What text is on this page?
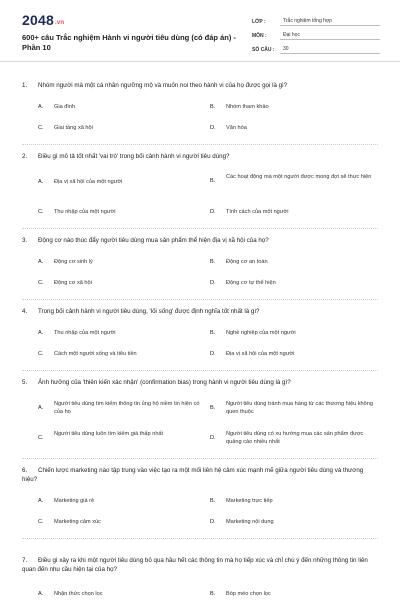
2048.vn
600+ câu Trắc nghiệm Hành vi người tiêu dùng (có đáp án) - Phần 10
LỚP :	Trắc nghiệm tổng hợp
MÔN :	Đại học
SỐ CÂU :	30
1. Nhóm người mà một cá nhân ngưỡng mộ và muốn noi theo hành vi của họ được gọi là gì?
A.	Gia đình	B.	Nhóm tham khảo
C.	Giai tầng xã hội	D.	Văn hóa
2. Điều gì mô tả tốt nhất 'vai trò' trong bối cảnh hành vi người tiêu dùng?
A.	Địa vị xã hội của một người	B.
Các hoạt động mà một người được mong đợi sẽ thực hiện
C.	Thu nhập của một người	D.	Tính cách của một người
3. Động cơ nào thúc đẩy người tiêu dùng mua sản phẩm thể hiện địa vị xã hội của họ?
A.	Động cơ sinh lý	B.	Động cơ an toàn
C.	Động cơ xã hội	D.	Động cơ tự thể hiện
4. Trong bối cảnh hành vi người tiêu dùng, 'lối sống' được định nghĩa tốt nhất là gì?
A.	Thu nhập của một người	B.	Nghề nghiệp của một người
C.	Cách một người sống và tiêu tiền	D.	Địa vị xã hội của một người
5. Ảnh hưởng của 'thiên kiến xác nhận' (confirmation bias) trong hành vi người tiêu dùng là gì?
A.
Người tiêu dùng tìm kiếm thông tin ủng hộ niềm tin hiện có của họ
B.
Người tiêu dùng tránh mua hàng từ các thương hiệu không quen thuộc
C.
Người tiêu dùng luôn tìm kiếm giá thấp nhất
D.
Người tiêu dùng có xu hướng mua các sản phẩm được quảng cáo nhiều nhất
6. Chiến lược marketing nào tập trung vào việc tạo ra một mối liên hệ cảm xúc mạnh mẽ giữa người tiêu dùng và thương hiệu?
A.	Marketing giá rẻ	B.	Marketing trực tiếp
C.	Marketing cảm xúc	D.	Marketing nội dung
7. Điều gì xảy ra khi một người tiêu dùng bỏ qua hầu hết các thông tin mà họ tiếp xúc và chỉ chú ý đến những thông tin liên quan đến nhu cầu hiện tại của họ?
A.	Nhận thức chọn lọc	B.	Bóp méo chọn lọc
